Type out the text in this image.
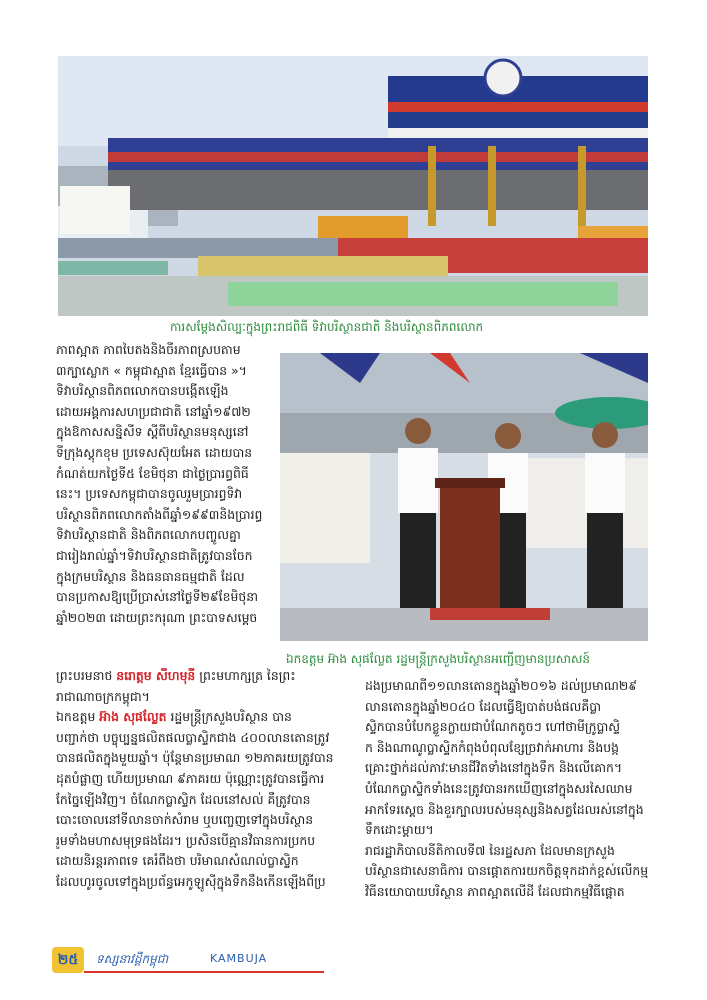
ការសម្តែងសិល្បៈក្នុងព្រះរាជពិធី ទិវាបរិស្ថានជាតិ និងបរិស្ថានពិភពលោក
ឯកឧត្តម អ៊ាង សុផល្លែត រដ្ឋមន្ត្រីក្រសួងបរិស្ថានអញ្ជើញមានប្រសាសន៍
ភាពស្អាត ភាពបៃតងនិងចីរភាពស្របតាម
៣ក្បាស្លោក « កម្ពុជាស្អាត ខ្មែរធ្វើបាន »។
ទិវាបរិស្ថានពិភពលោកបានបង្កើតឡើង
ដោយអង្គការសហប្រជាជាតិ នៅឆ្នាំ១៩៧២
ក្នុងឱកាសសន្និសីទ ស្តីពីបរិស្ថានមនុស្សនៅ
ទីក្រុងស្តុកខុម ប្រទេសស៊ុយអែត ដោយបាន
កំណត់យកថ្ងៃទី៥ ខែមិថុនា ជាថ្ងៃប្រារព្ធពិធី
នេះ។ ប្រទេសកម្ពុជាបានចូលរួមប្រារព្ធទិវា
បរិស្ថានពិភពលោកតាំងពីឆ្នាំ១៩៩៣និងប្រារព្ធ
ទិវាបរិស្ថានជាតិ និងពិភពលោកបញ្ចូលគ្នា
ជារៀងរាល់ឆ្នាំ។ទិវាបរិស្ថានជាតិត្រូវបានចែក
ក្នុងក្រមបរិស្ថាន និងធនធានធម្មជាតិ ដែល
បានប្រកាសឱ្យប្រើប្រាស់នៅថ្ងៃទី២៩ខែមិថុនា
ឆ្នាំ២០២៣ ដោយព្រះករុណា ព្រះបាទសម្តេច
ព្រះបរមនាថ នរោត្តម សីហមុនី ព្រះមហាក្សត្រ នៃព្រះ
រាជាណាចក្រកម្ពុជា។
ឯកឧត្តម អ៊ាង សុផល្លែត រដ្ឋមន្ត្រីក្រសួងបរិស្ថាន បាន
បញ្ជាក់ថា បច្ចុប្បន្នផលិតផលប្លាស្ទិកជាង ៤០០លានតោនត្រូវ
បានផលិតក្នុងមួយឆ្នាំ។ ប៉ុន្តែមានប្រមាណ ១២ភាគរយត្រូវបាន
ដុតបំផ្លាញ ហើយប្រមាណ ៩ភាគរយ ប៉ុណ្ណោះត្រូវបានធ្វើការ
កែច្នៃឡើងវិញ។ ចំណែកប្លាស្ទិក ដែលនៅសល់ គឺត្រូវបាន
បោះចោលនៅទីលានចាក់សំរាម ឬបញ្ចេញទៅក្នុងបរិស្ថាន
រួមទាំងមហាសមុទ្រផងដែរ។ ប្រសិនបើគ្មានវិធានការប្រកប
ដោយនិរន្តរភាពទេ គេរំពឹងថា បរិមាណសំណល់ប្លាស្ទិក
ដែលហូរចូលទៅក្នុងប្រព័ន្ធអេកូឡូស៊ីក្នុងទឹកនឹងកើនឡើងពីប្រ
ដងប្រមាណពី១១លានតោនក្នុងឆ្នាំ២០១៦ ដល់ប្រមាណ២៩
លានតោនក្នុងឆ្នាំ២០៤០ ដែលធ្វើឱ្យបាត់បង់ផលគឺប្លា
ស្ទិកបានបំបែកខ្លួនក្លាយជាបំណែកតូចៗ ហៅថាមីក្រូប្លាស្ទិ
ក និងណាណូប្លាស្ទិកកំពុងបំពុលខ្សែច្រវាក់អាហារ និងបង្ក
គ្រោះថ្នាក់ដល់ភាវៈមានជីវិតទាំងនៅក្នុងទឹក និងលើគោក។
បំណែកប្លាស្ទិកទាំងនេះត្រូវបានរកឃើញនៅក្នុងសរសៃឈាម
អាកទែរស្តេច និងខួរក្បាលរបស់មនុស្សនិងសត្វដែលរស់នៅក្នុង
ទឹកដោះម្តាយ។
រាជរដ្ឋាភិបាលនីតិកាលទី៧ នៃរដ្ឋសភា ដែលមានក្រសួង
បរិស្ថានជាសេនាធិការ បានផ្តោតការយកចិត្តទុកដាក់ខ្ពស់លើកម្ម
វិធីនយោបាយបរិស្ថាន ភាពស្អាតលើដី ដែលជាកម្មវិធីផ្តោត
២៥	ទស្សនាវដ្តីកម្ពុជា	KAMBUJA
